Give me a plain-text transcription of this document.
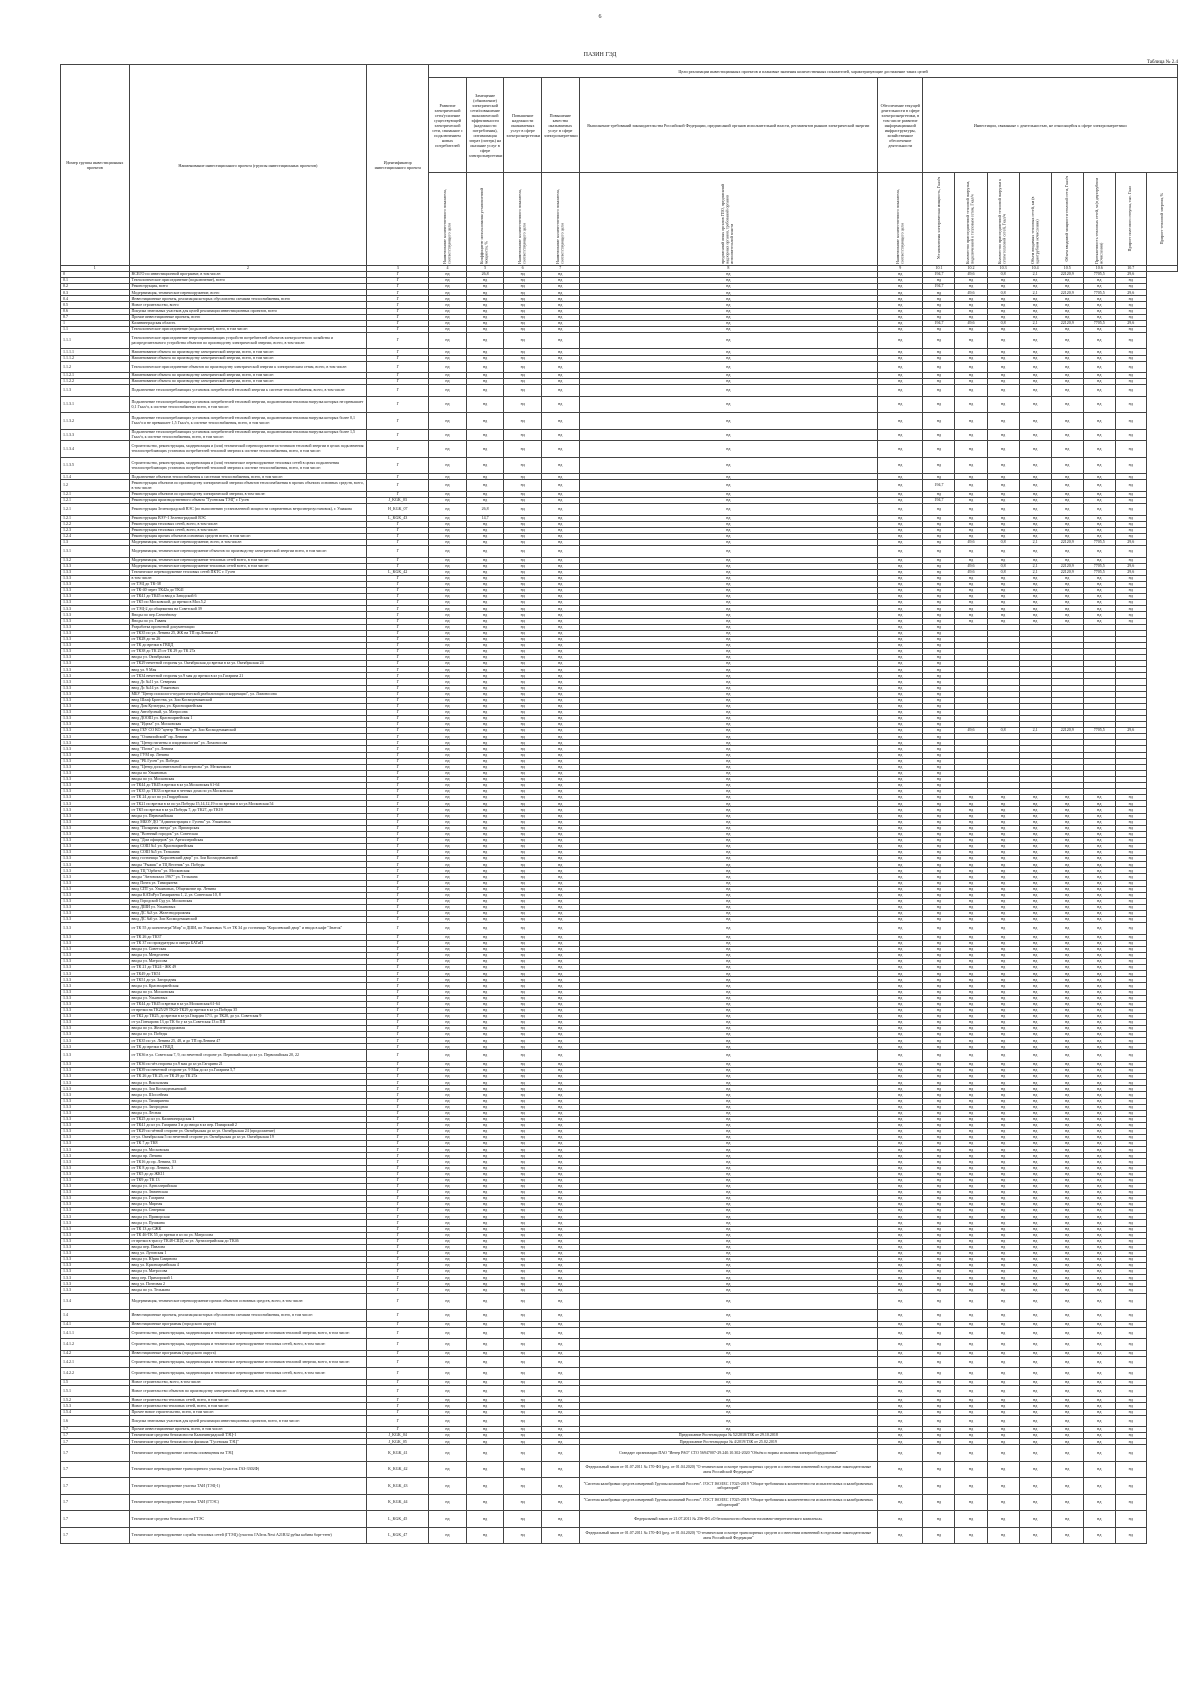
6
ПАЗИН ГЭД
Таблица № 2.4
Номер группы инвестиционных проектов	Наименование инвестиционного проекта (группы инвестиционных проектов)	Идентификатор инвестиционного проекта	Цели реализации инвестиционных проектов и плановые значения количественных показателей, характеризующие достижение таких целей													
			Развитие электрической сети/усиление существующей электрической сети, связанное с подключением новых потребителей	Замещение (обновление) электрической сети/повышение экономической эффективности (надежности потребления), оптимизация затрат (потерь) на оказание услуг в сфере электроэнергетики	Повышение надежности оказываемых услуг в сфере электроэнергетики	Повышение качества оказываемых услуг в сфере электроэнергетики	Выполнение требований законодательства Российской Федерации, предписаний органов исполнительной власти, регламентов рынков электрической энергии	Обеспечение текущей деятельности в сфере электроэнергетики, в том числе развитие информационной инфраструктуры, хозяйственное обеспечение деятельности	Инвестиции, связанные с деятельностью, не относящейся к сфере электроэнергетики							
			Наименование количественного показателя, соответствующего цели	Коэффициент использования установленной мощности, %	Наименование количественного показателя, соответствующего цели	Наименование количественного показателя, соответствующего цели	предписаний иных органов ГПО, предписаний надзорных органов, требований органов исполнительной власти	Наименование количественного показателя, соответствующего цели	Установленная электрическая мощность, Гкал/ч	Количество присоединенной тепловой нагрузки, подключенной к тепловым сетям, Гкал/ч	Количество присоединенной тепловой нагрузки к сетям тепловой сетей, Гкал/ч	Объем вводимых тепловых сетей, км (в однотрубном исчислении)	Объем вводимой мощности тепловой сети, Гкал/ч	Протяженность тепловых сетей, м (в двухтрубном исчислении)	Прирост полезного отпуска, тыс. Гкал	Прирост тепловой энергии, %
1	2	3	4	5	6	7	8	9	10.1	10.2	10.3	10.4	10.5	10.6	10.7	
0	ВСЕГО по инвестиционной программе, в том числе:	Г	нд	26,8	нд	нд	нд	нд	194,7	49,6	0,8	2,1	22120,9	7705,5	29,6	
0.1	Технологическое присоединение (подключение), всего	Г	нд	нд	нд	нд	нд	нд	нд	нд	нд	нд	нд	нд	нд	
0.2	Реконструкция, всего	Г	нд	нд	нд	нд	нд	нд	194,7	нд	нд	нд	нд	нд	нд	
0.3	Модернизация, техническое перевооружение, всего	Г	нд	нд	нд	нд	нд	нд	нд	49,6	0,8	2,1	22120,9	7705,5	29,6	
0.4	Инвестиционные проекты, реализация которых обусловлена схемами теплоснабжения, всего	Г	нд	нд	нд	нд	нд	нд	нд	нд	нд	нд	нд	нд	нд	
0.5	Новое строительство, всего	Г	нд	нд	нд	нд	нд	нд	нд	нд	нд	нд	нд	нд	нд	
0.6	Покупка земельных участков для целей реализации инвестиционных проектов, всего	Г	нд	нд	нд	нд	нд	нд	нд	нд	нд	нд	нд	нд	нд	
0.7	Прочие инвестиционные проекты, всего	Г	нд	нд	нд	нд	нд	нд	нд	нд	нд	нд	нд	нд	нд	
1	Калининградская область	Г	нд	нд	нд	нд	нд	нд	194,7	49,6	0,8	2,1	22120,9	7705,5	29,6	
1.1	Технологическое присоединение (подключение), всего, в том числе:	Г	нд	нд	нд	нд	нд	нд	нд	нд	нд	нд	нд	нд	нд	
1.1.1	Технологическое присоединение энергопринимающих устройств потребителей объектов электросетевого хозяйства и распределительного устройства объектов по производству электрической энергии, всего, в том числе:	Г	нд	нд	нд	нд	нд	нд	нд	нд	нд	нд	нд	нд	нд	
1.1.1.1	Наименование объекта по производству электрической энергии, всего, в том числе:	Г	нд	нд	нд	нд	нд	нд	нд	нд	нд	нд	нд	нд	нд	
1.1.1.2	Наименование объекта по производству электрической энергии, всего, в том числе:	Г	нд	нд	нд	нд	нд	нд	нд	нд	нд	нд	нд	нд	нд	
1.1.2	Технологическое присоединение объектов по производству электрической энергии к электрическим сетям, всего, в том числе:	Г	нд	нд	нд	нд	нд	нд	нд	нд	нд	нд	нд	нд	нд	
1.1.2.1	Наименование объекта по производству электрической энергии, всего, в том числе:	Г	нд	нд	нд	нд	нд	нд	нд	нд	нд	нд	нд	нд	нд	
1.1.2.2	Наименование объекта по производству электрической энергии, всего, в том числе:	Г	нд	нд	нд	нд	нд	нд	нд	нд	нд	нд	нд	нд	нд	
1.1.3	Подключение теплопотребляющих установок потребителей тепловой энергии к системе теплоснабжения, всего, в том числе:	Г	нд	нд	нд	нд	нд	нд	нд	нд	нд	нд	нд	нд	нд	
1.1.3.1	Подключение теплопотребляющих установок потребителей тепловой энергии, подключаемая тепловая нагрузка которых не превышает 0,1 Гкал/ч, к системе теплоснабжения всего, в том числе:	Г	нд	нд	нд	нд	нд	нд	нд	нд	нд	нд	нд	нд	нд	
1.1.3.2	Подключение теплопотребляющих установок потребителей тепловой энергии, подключаемая тепловая нагрузка которых более 0,1 Гкал/ч и не превышает 1,5 Гкал/ч, к системе теплоснабжения, всего, в том числе:	Г	нд	нд	нд	нд	нд	нд	нд	нд	нд	нд	нд	нд	нд	
1.1.3.3	Подключение теплопотребляющих установок потребителей тепловой энергии, подключаемая тепловая нагрузка которых более 1,5 Гкал/ч, к системе теплоснабжения, всего, в том числе:	Г	нд	нд	нд	нд	нд	нд	нд	нд	нд	нд	нд	нд	нд	
1.1.3.4	Строительство, реконструкция, модернизация и (или) технической перевооружение источников тепловой энергии в целях подключения теплопотребляющих установок потребителей тепловой энергии к системе теплоснабжения, всего, в том числе:	Г	нд	нд	нд	нд	нд	нд	нд	нд	нд	нд	нд	нд	нд	
1.1.3.5	Строительство, реконструкция, модернизация и (или) техническое перевооружение тепловых сетей в целях подключения теплопотребляющих установок потребителей тепловой энергии к системе теплоснабжения, всего, в том числе:	Г	нд	нд	нд	нд	нд	нд	нд	нд	нд	нд	нд	нд	нд	
1.1.4	Подключение объектов теплоснабжения к системам теплоснабжения, всего, в том числе:	Г	нд	нд	нд	нд	нд	нд	нд	нд	нд	нд	нд	нд	нд	
1.2	Реконструкция объектов по производству электрической энергии объектов теплоснабжения в прочих объектах основных средств, всего, в том числе:	Г	нд	нд	нд	нд	нд	нд	194,7	нд	нд	нд	нд	нд	нд	
1.2.1	Реконструкция объектов по производству электрической энергии, в том числе:	Г	нд	нд	нд	нд	нд	нд	нд	нд	нд	нд	нд	нд	нд	
1.2.1	Реконструкция производственного объекта "Гусевская ТЭЦ" г. Гусев	J_KGK_03	нд	нд	нд	нд	нд	нд	194,7	нд	нд	нд	нд	нд	нд	
1.2.1	Реконструкция Зеленоградской ВЭС (по выполнению установленной мощности современных ветроэнергоустановок), г. Ушакова	H_KGK_07	нд	26,8	нд	нд	нд	нд	нд	нд	нд	нд	нд	нд	нд	
1.2.1	Реконструкция ВЭУ-1 Зеленоградской ВЭС	L_KGK_43	нд	14,7	нд	нд	нд	нд	нд	нд	нд	нд	нд	нд	нд	
1.2.2	Реконструкция тепловых сетей, всего, в том числе:	Г	нд	нд	нд	нд	нд	нд	нд	нд	нд	нд	нд	нд	нд	
1.2.3	Реконструкция тепловых сетей, всего, в том числе:	Г	нд	нд	нд	нд	нд	нд	нд	нд	нд	нд	нд	нд	нд	
1.2.4	Реконструкция прочих объектов основных средств всего, в том числе:	Г	нд	нд	нд	нд	нд	нд	нд	нд	нд	нд	нд	нд	нд	
1.3	Модернизация, техническое перевооружение, всего, в том числе:	Г	нд	нд	нд	нд	нд	нд	нд	49,6	0,8	2,1	22120,9	7705,5	29,6	
1.3.1	Модернизация, техническое перевооружение объектов по производству электрической энергии всего, в том числе:	Г	нд	нд	нд	нд	нд	нд	нд	нд	нд	нд	нд	нд	нд	
1.3.2	Модернизация, техническое перевооружение тепловых сетей всего, в том числе:	Г	нд	нд	нд	нд	нд	нд	нд	нд	нд	нд	нд	нд	нд	
1.3.3	Модернизация, техническое перевооружение тепловых сетей всего, в том числе:	Г	нд	нд	нд	нд	нд	нд	нд	49,6	0,8	2,1	22120,9	7705,5	29,6	
1.3.3	Техническое перевооружение тепловых сетей ПКТС г. Гусев	L_KGK_42	нд	нд	нд	нд	нд	нд	нд	49,6	0,8	2,1	22120,9	7705,5	29,6	
1.3.3	в том числе:	Г	нд	нд	нд	нд	нд	нд	нд	нд	нд	нд	нд	нд	нд	
1.3.3	от ТЭЦ до ТК-38	Г	нд	нд	нд	нд	нд	нд	нд	нд	нд	нд	нд	нд	нд	
1.3.3	от ТК-40 через ТК42а до ТК41	Г	нд	нд	нд	нд	нд	нд	нд	нд	нд	нд	нд	нд	нд	
1.3.3	от ТК41 до ТК45 и ввод к Заводской 6	Г	нд	нд	нд	нд	нд	нд	нд	нд	нд	нд	нд	нд	нд	
1.3.3	от ТК5 по Московской, до врезки в Мол.5,2	Г	нд	нд	нд	нд	нд	нд	нд	нд	нд	нд	нд	нд	нд	
1.3.3	от ТЭЦ-2 до общежития на Советской 39	Г	нд	нд	нд	нд	нд	нд	нд	нд	нд	нд	нд	нд	нд	
1.3.3	Вводы по пер.Слепнёвому	Г	нд	нд	нд	нд	нд	нд	нд	нд	нд	нд	нд	нд	нд	
1.3.3	Вводы по ул. Гаваня	Г	нд	нд	нд	нд	нд	нд	нд	нд	нд	нд	нд	нд	нд	
1.3.3	Разработка проектной документации	Г	нд	нд	нд	нд	нд	нд	нд							
1.3.3	от ТК35 по ул. Ленина 25, ЖК на ТП пр.Ленина 47	Г	нд	нд	нд	нд	нд	нд	нд							
1.3.3	от ТК28 до тп 26	Г	нд	нд	нд	нд	нд	нд	нд							
1.3.3	от ТК до врезки в ГВЦД	Г	нд	нд	нд	нд	нд	нд	нд							
1.3.3	от ТК38 до ТК 25 от ТК 29 до ТК 27а	Г	нд	нд	нд	нд	нд	нд	нд							
1.3.3	вводы ул. Октябрьская	Г	нд	нд	нд	нд	нд	нд	нд							
1.3.3	от ТК29 нечетной стороны ул. Октябрьская до врезки в кз ул. Октябрьская 24	Г	нд	нд	нд	нд	нд	нд	нд							
1.3.3	ввод ул. 9 Мая	Г	нд	нд	нд	нд	нд	нд	нд							
1.3.3	от ТК34 нечетной стороны ул.9 мая до врезки в кз ул.Гагарина 21	Г	нд	нд	нд	нд	нд	нд	нд							
1.3.3	ввод Дс №11 ул. Северная	Г	нд	нд	нд	нд	нд	нд	нд							
1.3.3	ввод Дс №14 ул. Ульяновых	Г	нд	нд	нд	нд	нд	нд	нд							
1.3.3	МБУ "Центр психолого-педагогической реабилитации и коррекции", ул. Ломоносова	Г	нд	нд	нд	нд	нд	нд	нд							
1.3.3	ввод Шлаф Братства, ул. Зои Космодемьянской	Г	нд	нд	нд	нд	нд	нд	нд							
1.3.3	ввод Дом Культуры, ул. Красноармейская	Г	нд	нд	нд	нд	нд	нд	нд							
1.3.3	ввод Автобусный, ул. Матросова	Г	нд	нд	нд	нд	нд	нд	нд							
1.3.3	ввод ДООШ ул. Красноармейская 1	Г	нд	нд	нд	нд	нд	нд	нд							
1.3.3	ввод "Идеал" ул. Московская	Г	нд	нд	нд	нд	нд	нд	нд							
1.3.3	ввод ГБУ СО КО "центр "Вестник" ул. Зои Космодемьянской	Г	нд	нд	нд	нд	нд	нд	нд	49,6	0,8	2,1	22120,9	7705,5	29,6	
1.3.3	ввод "Олимпийский" пр. Ленина	Г	нд	нд	нд	нд	нд	нд	нд							
1.3.3	ввод "Центр гигиены и эпидемиологии" ул. Ломоносова	Г	нд	нд	нд	нд	нд	нд	нд							
1.3.3	ввод "Почта" ул. Ленина	Г	нд	нд	нд	нд	нд	нд	нд							
1.3.3	ввод ГУМ пр. Ленина	Г	нд	нд	нд	нд	нд	нд	нд							
1.3.3	ввод "РБ Гусев" ул. Победы	Г	нд	нд	нд	нд	нд	нд	нд							
1.3.3	ввод "Центр дополнительной экспертизы" ул. Мельникова	Г	нд	нд	нд	нд	нд	нд	нд							
1.3.3	вводы по Ульяновых	Г	нд	нд	нд	нд	нд	нд	нд							
1.3.3	вводы по ул. Московская	Г	нд	нд	нд	нд	нд	нд	нд							
1.3.3	от ТК44 до ТК45 в врезки в кз ул.Московская 61-64	Г	нд	нд	нд	нд	нд	нд	нд							
1.3.3	от ТК35 до ТК33 и врезки в четных дома по ул.Московская	Г	нд	нд	нд	нд	нд	нд	нд							
1.3.3	от ТК 24 до кз по ул.Гвардейская	Г	нд	нд	нд	нд	нд	нд	нд	нд	нд	нд	нд	нд	нд	
1.3.3	от ТК21 по врезки в кз по ул.Победы 15,14,12,19 и по врезки в кз ул.Московская 54	Г	нд	нд	нд	нд	нд	нд	нд	нд	нд	нд	нд	нд	нд	
1.3.3	от ТК5 по врезки в кз ул.Победы 7, до ТК27, до ТК19	Г	нд	нд	нд	нд	нд	нд	нд	нд	нд	нд	нд	нд	нд	
1.3.3	вводы ул. Первомайская	Г	нд	нд	нд	нд	нд	нд	нд	нд	нд	нд	нд	нд	нд	
1.3.3	ввод МБОУ ДО "Администрация г. Гусева" ул. Ульяновых	Г	нд	нд	нд	нд	нд	нд	нд	нд	нд	нд	нд	нд	нд	
1.3.3	ввод "Полярная звезда" ул. Приморская	Г	нд	нд	нд	нд	нд	нд	нд	нд	нд	нд	нд	нд	нд	
1.3.3	ввод "Военный городок" ул. Советская	Г	нд	нд	нд	нд	нд	нд	нд	нд	нд	нд	нд	нд	нд	
1.3.3	ввод "Дом офицеров" ул. Артиллерийская	Г	нд	нд	нд	нд	нд	нд	нд	нд	нд	нд	нд	нд	нд	
1.3.3	ввод СОШ №1 ул. Красноармейская	Г	нд	нд	нд	нд	нд	нд	нд	нд	нд	нд	нд	нд	нд	
1.3.3	ввод СОШ №5 ул. Тельмана	Г	нд	нд	нд	нд	нд	нд	нд	нд	нд	нд	нд	нд	нд	
1.3.3	ввод гостиница "Королевский двор" ул. Зои Космодемьянской	Г	нд	нд	нд	нд	нд	нд	нд	нд	нд	нд	нд	нд	нд	
1.3.3	вводы "Рыжик" и ТЦ Вестник" ул. Победы	Г	нд	нд	нд	нд	нд	нд	нд	нд	нд	нд	нд	нд	нд	
1.3.3	ввод ТЦ "Орбита" ул. Московская	Г	нд	нд	нд	нд	нд	нд	нд	нд	нд	нд	нд	нд	нд	
1.3.3	вводы "Автовокзал 1967" ул. Тельмана	Г	нд	нд	нд	нд	нд	нд	нд	нд	нд	нд	нд	нд	нд	
1.3.3	ввод Почта ул. Тимирязева	Г	нд	нд	нд	нд	нд	нд	нд	нд	нд	нд	нд	нд	нд	
1.3.3	ввод СПТ ул. Ульяновых, Общежитие пр. Ленина	Г	нд	нд	нд	нд	нд	нд	нд	нд	нд	нд	нд	нд	нд	
1.3.3	вводы КАТиРул Тимирязева 1, 2, ул. Советская 10, 8	Г	нд	нд	нд	нд	нд	нд	нд	нд	нд	нд	нд	нд	нд	
1.3.3	ввод Городской Суд ул. Московская	Г	нд	нд	нд	нд	нд	нд	нд	нд	нд	нд	нд	нд	нд	
1.3.3	ввод ДШИ ул. Ульяновых	Г	нд	нд	нд	нд	нд	нд	нд	нд	нд	нд	нд	нд	нд	
1.3.3	ввод ДС №3 ул. Железнодорожная	Г	нд	нд	нд	нд	нд	нд	нд	нд	нд	нд	нд	нд	нд	
1.3.3	ввод ДС №6 ул. Зои Космодемьянской	Г	нд	нд	нд	нд	нд	нд	нд	нд	нд	нд	нд	нд	нд	
1.3.3	от ТК 55 до кинотеатра"Мир" и ДШИ, по Ульяновых % от ТК 34 до гостиница "Королевский двор" и ввода в кафе "Знаток"	Г	нд	нд	нд	нд	нд	нд	нд	нд	нд	нд	нд	нд	нд	
1.3.3	от ТК 26 до ТК37	Г	нд	нд	нд	нд	нд	нд	нд	нд	нд	нд	нд	нд	нд	
1.3.3	от ТК 37 по прокуратуры и сквера БАТиП	Г	нд	нд	нд	нд	нд	нд	нд	нд	нд	нд	нд	нд	нд	
1.3.3	вводы ул. Советская	Г	нд	нд	нд	нд	нд	нд	нд	нд	нд	нд	нд	нд	нд	
1.3.3	вводы ул. Менделеева	Г	нд	нд	нд	нд	нд	нд	нд	нд	нд	нд	нд	нд	нд	
1.3.3	вводы ул. Матросова	Г	нд	нд	нд	нд	нд	нд	нд	нд	нд	нд	нд	нд	нд	
1.3.3	от ТК 21 до ТК24 - ЖК 49	Г	нд	нд	нд	нд	нд	нд	нд	нд	нд	нд	нд	нд	нд	
1.3.3	от ТК49 до ТК51	Г	нд	нд	нд	нд	нд	нд	нд	нд	нд	нд	нд	нд	нд	
1.3.3	от ТК51 до ул. Загородная	Г	нд	нд	нд	нд	нд	нд	нд	нд	нд	нд	нд	нд	нд	
1.3.3	вводы ул. Красноармейская	Г	нд	нд	нд	нд	нд	нд	нд	нд	нд	нд	нд	нд	нд	
1.3.3	вводы по ул. Московская	Г	нд	нд	нд	нд	нд	нд	нд	нд	нд	нд	нд	нд	нд	
1.3.3	вводы ул. Ульяновых	Г	нд	нд	нд	нд	нд	нд	нд	нд	нд	нд	нд	нд	нд	
1.3.3	от ТК44 до ТК45 и врезки в кз ул.Московская 61-64	Г	нд	нд	нд	нд	нд	нд	нд	нд	нд	нд	нд	нд	нд	
1.3.3	от врезки на ТК25/29 ТК23-ТК29 до врезки в кз ул.Победы 35	Г	нд	нд	нд	нд	нд	нд	нд	нд	нд	нд	нд	нд	нд	
1.3.3	от ТК2 до ТК25, до врезки в кз ул.Гвардия 17/1, до ТК20, до ул. Советская 9	Г	нд	нд	нд	нд	нд	нд	нд	нд	нд	нд	нд	нд	нд	
1.3.3	от ул.Гончарова 13 до ТК бо у кз ул.Советская 13 и ПП	Г	нд	нд	нд	нд	нд	нд	нд	нд	нд	нд	нд	нд	нд	
1.3.3	вводы по ул. Железнодорожная	Г	нд	нд	нд	нд	нд	нд	нд	нд	нд	нд	нд	нд	нд	
1.3.3	вводы по ул. Победы	Г	нд	нд	нд	нд	нд	нд	нд	нд	нд	нд	нд	нд	нд	
1.3.3	от ТК35 по ул. Ленина 25, 48, и до ТП пр.Ленина 47	Г	нд	нд	нд	нд	нд	нд	нд	нд	нд	нд	нд	нд	нд	
1.3.3	от ТК до врезки в ГВЦД	Г	нд	нд	нд	нд	нд	нд	нд	нд	нд	нд	нд	нд	нд	
1.3.3	от ТК36 в ул. Советская 7, 9, по нечетной стороне ул. Первомайская до кз ул. Первомайская 20, 22	Г	нд	нд	нд	нд	нд	нд	нд	нд	нд	нд	нд	нд	нд	
1.3.3	от ТК36 по чёт.стороны ул.9 мая до кз ул.Гагарина 21	Г	нд	нд	нд	нд	нд	нд	нд	нд	нд	нд	нд	нд	нд	
1.3.3	от ТК39 по нечетной стороне ул. 9 Мая до кз ул.Гагарина 5,7	Г	нд	нд	нд	нд	нд	нд	нд	нд	нд	нд	нд	нд	нд	
1.3.3	от ТК 26 до ТК 25, от ТК 29 до ТК 27а	Г	нд	нд	нд	нд	нд	нд	нд	нд	нд	нд	нд	нд	нд	
1.3.3	вводы ул. Вокзальная	Г	нд	нд	нд	нд	нд	нд	нд	нд	нд	нд	нд	нд	нд	
1.3.3	вводы ул. Зои Космодемьянской	Г	нд	нд	нд	нд	нд	нд	нд	нд	нд	нд	нд	нд	нд	
1.3.3	вводы ул. Шоссейная	Г	нд	нд	нд	нд	нд	нд	нд	нд	нд	нд	нд	нд	нд	
1.3.3	вводы ул. Тимирязева	Г	нд	нд	нд	нд	нд	нд	нд	нд	нд	нд	нд	нд	нд	
1.3.3	вводы ул. Загородная	Г	нд	нд	нд	нд	нд	нд	нд	нд	нд	нд	нд	нд	нд	
1.3.3	вводы ул. Лесная	Г	нд	нд	нд	нд	нд	нд	нд	нд	нд	нд	нд	нд	нд	
1.3.3	от ТК25 до кз ул. Калининградская 1	Г	нд	нд	нд	нд	нд	нд	нд	нд	нд	нд	нд	нд	нд	
1.3.3	от ТК41 до кз ул. Гагарина 3 и до ввода в кз пер. Плиярский 2	Г	нд	нд	нд	нд	нд	нд	нд	нд	нд	нд	нд	нд	нд	
1.3.3	от ТК29 по чётной стороне ул. Октябрьская до кз ул. Октябрьская 24 (продолжение)	Г	нд	нд	нд	нд	нд	нд	нд	нд	нд	нд	нд	нд	нд	
1.3.3	от ул. Октябрьская 5 по нечетной стороне ул. Октябрьская до кз ул. Октябрьская 19	Г	нд	нд	нд	нд	нд	нд	нд	нд	нд	нд	нд	нд	нд	
1.3.3	от ТК 7 до ТК8	Г	нд	нд	нд	нд	нд	нд	нд	нд	нд	нд	нд	нд	нд	
1.3.3	вводы ул. Московская	Г	нд	нд	нд	нд	нд	нд	нд	нд	нд	нд	нд	нд	нд	
1.3.3	вводы пр. Ленина	Г	нд	нд	нд	нд	нд	нд	нд	нд	нд	нд	нд	нд	нд	
1.3.3	от ТК16 до пр. Ленина, 53	Г	нд	нд	нд	нд	нд	нд	нд	нд	нд	нд	нд	нд	нд	
1.3.3	от ТК 8 до пр. Ленина, 3	Г	нд	нд	нд	нд	нд	нд	нд	нд	нд	нд	нд	нд	нд	
1.3.3	от ТК5 до до ЖК11	Г	нд	нд	нд	нд	нд	нд	нд	нд	нд	нд	нд	нд	нд	
1.3.3	от ТК9 до ТК 13	Г	нд	нд	нд	нд	нд	нд	нд	нд	нд	нд	нд	нд	нд	
1.3.3	вводы ул. Артиллерийская	Г	нд	нд	нд	нд	нд	нд	нд	нд	нд	нд	нд	нд	нд	
1.3.3	вводы ул. Значенская	Г	нд	нд	нд	нд	нд	нд	нд	нд	нд	нд	нд	нд	нд	
1.3.3	вводы ул. Гагарина	Г	нд	нд	нд	нд	нд	нд	нд	нд	нд	нд	нд	нд	нд	
1.3.3	вводы ул. Мирная	Г	нд	нд	нд	нд	нд	нд	нд	нд	нд	нд	нд	нд	нд	
1.3.3	вводы ул. Северная	Г	нд	нд	нд	нд	нд	нд	нд	нд	нд	нд	нд	нд	нд	
1.3.3	вводы ул. Приморская	Г	нд	нд	нд	нд	нд	нд	нд	нд	нд	нд	нд	нд	нд	
1.3.3	вводы ул. Пушкина	Г	нд	нд	нд	нд	нд	нд	нд	нд	нд	нд	нд	нд	нд	
1.3.3	от ТК 13 до СЖК	Г	нд	нд	нд	нд	нд	нд	нд	нд	нд	нд	нд	нд	нд	
1.3.3	от ТК 46-ТК 55 до врезки в кз по ул. Матросова	Г	нд	нд	нд	нд	нд	нд	нд	нд	нд	нд	нд	нд	нд	
1.3.3	от врезки в трассу ТК48-СШД по ул. Артиллерийская до ТК46	Г	нд	нд	нд	нд	нд	нд	нд	нд	нд	нд	нд	нд	нд	
1.3.3	вводы пер. Павлова	Г	нд	нд	нд	нд	нд	нд	нд	нд	нд	нд	нд	нд	нд	
1.3.3	ввод ул. Луговская 1	Г	нд	нд	нд	нд	нд	нд	нд	нд	нд	нд	нд	нд	нд	
1.3.3	вводы ул. Юрия Смирнова	Г	нд	нд	нд	нд	нд	нд	нд	нд	нд	нд	нд	нд	нд	
1.3.3	ввод ул. Красноармейская 4	Г	нд	нд	нд	нд	нд	нд	нд	нд	нд	нд	нд	нд	нд	
1.3.3	вводы ул. Матросова	Г	нд	нд	нд	нд	нд	нд	нд	нд	нд	нд	нд	нд	нд	
1.3.3	ввод пер. Приморский 1	Г	нд	нд	нд	нд	нд	нд	нд	нд	нд	нд	нд	нд	нд	
1.3.3	ввод ул. Почтовая 2	Г	нд	нд	нд	нд	нд	нд	нд	нд	нд	нд	нд	нд	нд	
1.3.3	вводы по ул. Тельмана	Г	нд	нд	нд	нд	нд	нд	нд	нд	нд	нд	нд	нд	нд	
1.3.4	Модернизация, техническое перевооружение прочих объектов основных средств, всего, в том числе:	Г	нд	нд	нд	нд	нд	нд	нд	нд	нд	нд	нд	нд	нд	
1.4	Инвестиционные проекты, реализация которых обусловлена схемами теплоснабжения, всего, в том числе:	Г	нд	нд	нд	нд	нд	нд	нд	нд	нд	нд	нд	нд	нд	
1.4.1	Инвестиционные программы (городского округа)	Г	нд	нд	нд	нд	нд	нд	нд	нд	нд	нд	нд	нд	нд	
1.4.1.1	Строительство, реконструкция, модернизация и техническое перевооружение источников тепловой энергии, всего, в том числе:	Г	нд	нд	нд	нд	нд	нд	нд	нд	нд	нд	нд	нд	нд	
1.4.1.2	Строительство, реконструкция, модернизация и техническое перевооружение тепловых сетей, всего, в том числе:	Г	нд	нд	нд	нд	нд	нд	нд	нд	нд	нд	нд	нд	нд	
1.4.2	Инвестиционные программы (городского округа)	Г	нд	нд	нд	нд	нд	нд	нд	нд	нд	нд	нд	нд	нд	
1.4.2.1	Строительство, реконструкция, модернизация и техническое перевооружение источников тепловой энергии, всего, в том числе:	Г	нд	нд	нд	нд	нд	нд	нд	нд	нд	нд	нд	нд	нд	
1.4.2.2	Строительство, реконструкция, модернизация и техническое перевооружение тепловых сетей, всего, в том числе:	Г	нд	нд	нд	нд	нд	нд	нд	нд	нд	нд	нд	нд	нд	
1.5	Новое строительство, всего, в том числе:	Г	нд	нд	нд	нд	нд	нд	нд	нд	нд	нд	нд	нд	нд	
1.5.1	Новое строительство объектов по производству электрической энергии, всего, в том числе:	Г	нд	нд	нд	нд	нд	нд	нд	нд	нд	нд	нд	нд	нд	
1.5.2	Новое строительство тепловых сетей, всего, в том числе:	Г	нд	нд	нд	нд	нд	нд	нд	нд	нд	нд	нд	нд	нд	
1.5.3	Новое строительство тепловых сетей, всего, в том числе:	Г	нд	нд	нд	нд	нд	нд	нд	нд	нд	нд	нд	нд	нд	
1.5.4	Прочее новое строительство, всего, в том числе:	Г	нд	нд	нд	нд	нд	нд	нд	нд	нд	нд	нд	нд	нд	
1.6	Покупка земельных участков для целей реализации инвестиционных проектов, всего, в том числе:	Г	нд	нд	нд	нд	нд	нд	нд	нд	нд	нд	нд	нд	нд	
1.7	Прочие инвестиционные проекты, всего, в том числе:	Г	нд	нд	нд	нд	нд	нд	нд	нд	нд	нд	нд	нд	нд	
1.7	Технические средства безопасности Калининградской ТЭЦ-1	J_KGK_04	нд	нд	нд	нд	Предписание Ростехнадзора № 52/2018/ТЗК от 29.10.2018	нд	нд	нд	нд	нд	нд	нд	нд	
1.7	Технические средства безопасности филиала "Гусевская ТЭЦ"	J_KGK_05	нд	нд	нд	нд	Предписание Ростехнадзора № 4/2019/ТЗК от 25.02.2019	нд	нд	нд	нд	нд	нд	нд	нд	
1.7	Техническое перевооружение системы оповещения на ТЭЦ	K_KGK_41	нд	нд	нд	нд	Стандарт организации ПАО "Интер РАО" СТО 56947007-29.240.10.302-2020 "Объём и нормы испытания электрооборудования"	нд	нд	нд	нд	нд	нд	нд	нд	
1.7	Техническое перевооружение транспортного участка (участок ГАЗ-3302Ф)	K_KGK_42	нд	нд	нд	нд	Федеральный закон от 01.07.2011 № 170-ФЗ (ред. от 01.04.2020) "О техническом осмотре транспортных средств и о внесении изменений в отдельные законодательные акты Российской Федерации"	нд	нд	нд	нд	нд	нд	нд	нд	
1.7	Техническое перевооружение участка ТАИ (ТЭЦ-1)	K_KGK_43	нд	нд	нд	нд	"Система калибровки средств измерений Группы компаний Россети". ГОСТ ISO/IEC 17025-2019 "Общие требования к компетентности испытательных и калибровочных лабораторий"	нд	нд	нд	нд	нд	нд	нд	нд	
1.7	Техническое перевооружение участка ТАИ (ГТЭС)	K_KGK_44	нд	нд	нд	нд	"Система калибровки средств измерений Группы компаний Россети". ГОСТ ISO/IEC 17025-2019 "Общие требования к компетентности испытательных и калибровочных лабораторий"	нд	нд	нд	нд	нд	нд	нд	нд	
1.7	Технические средства безопасности ГТЭС	L_KGK_45	нд	нд	нд	нд	Федеральный закон от 21.07.2011 № 256-ФЗ «О безопасности объектов топливно-энергетического комплекса»	нд	нд	нд	нд	нд	нд	нд	нд	
1.7	Техническое перевооружение службы тепловых сетей (ГТЭЦ) (участок ГАЗель Next A21R32 рубка кабина борт-тент)	L_KGK_47	нд	нд	нд	нд	Федеральный закон от 01.07.2011 № 170-ФЗ (ред. от 01.04.2020) "О техническом осмотре транспортных средств и о внесении изменений в отдельные законодательные акты Российской Федерации"	нд	нд	нд	нд	нд	нд	нд	нд	
